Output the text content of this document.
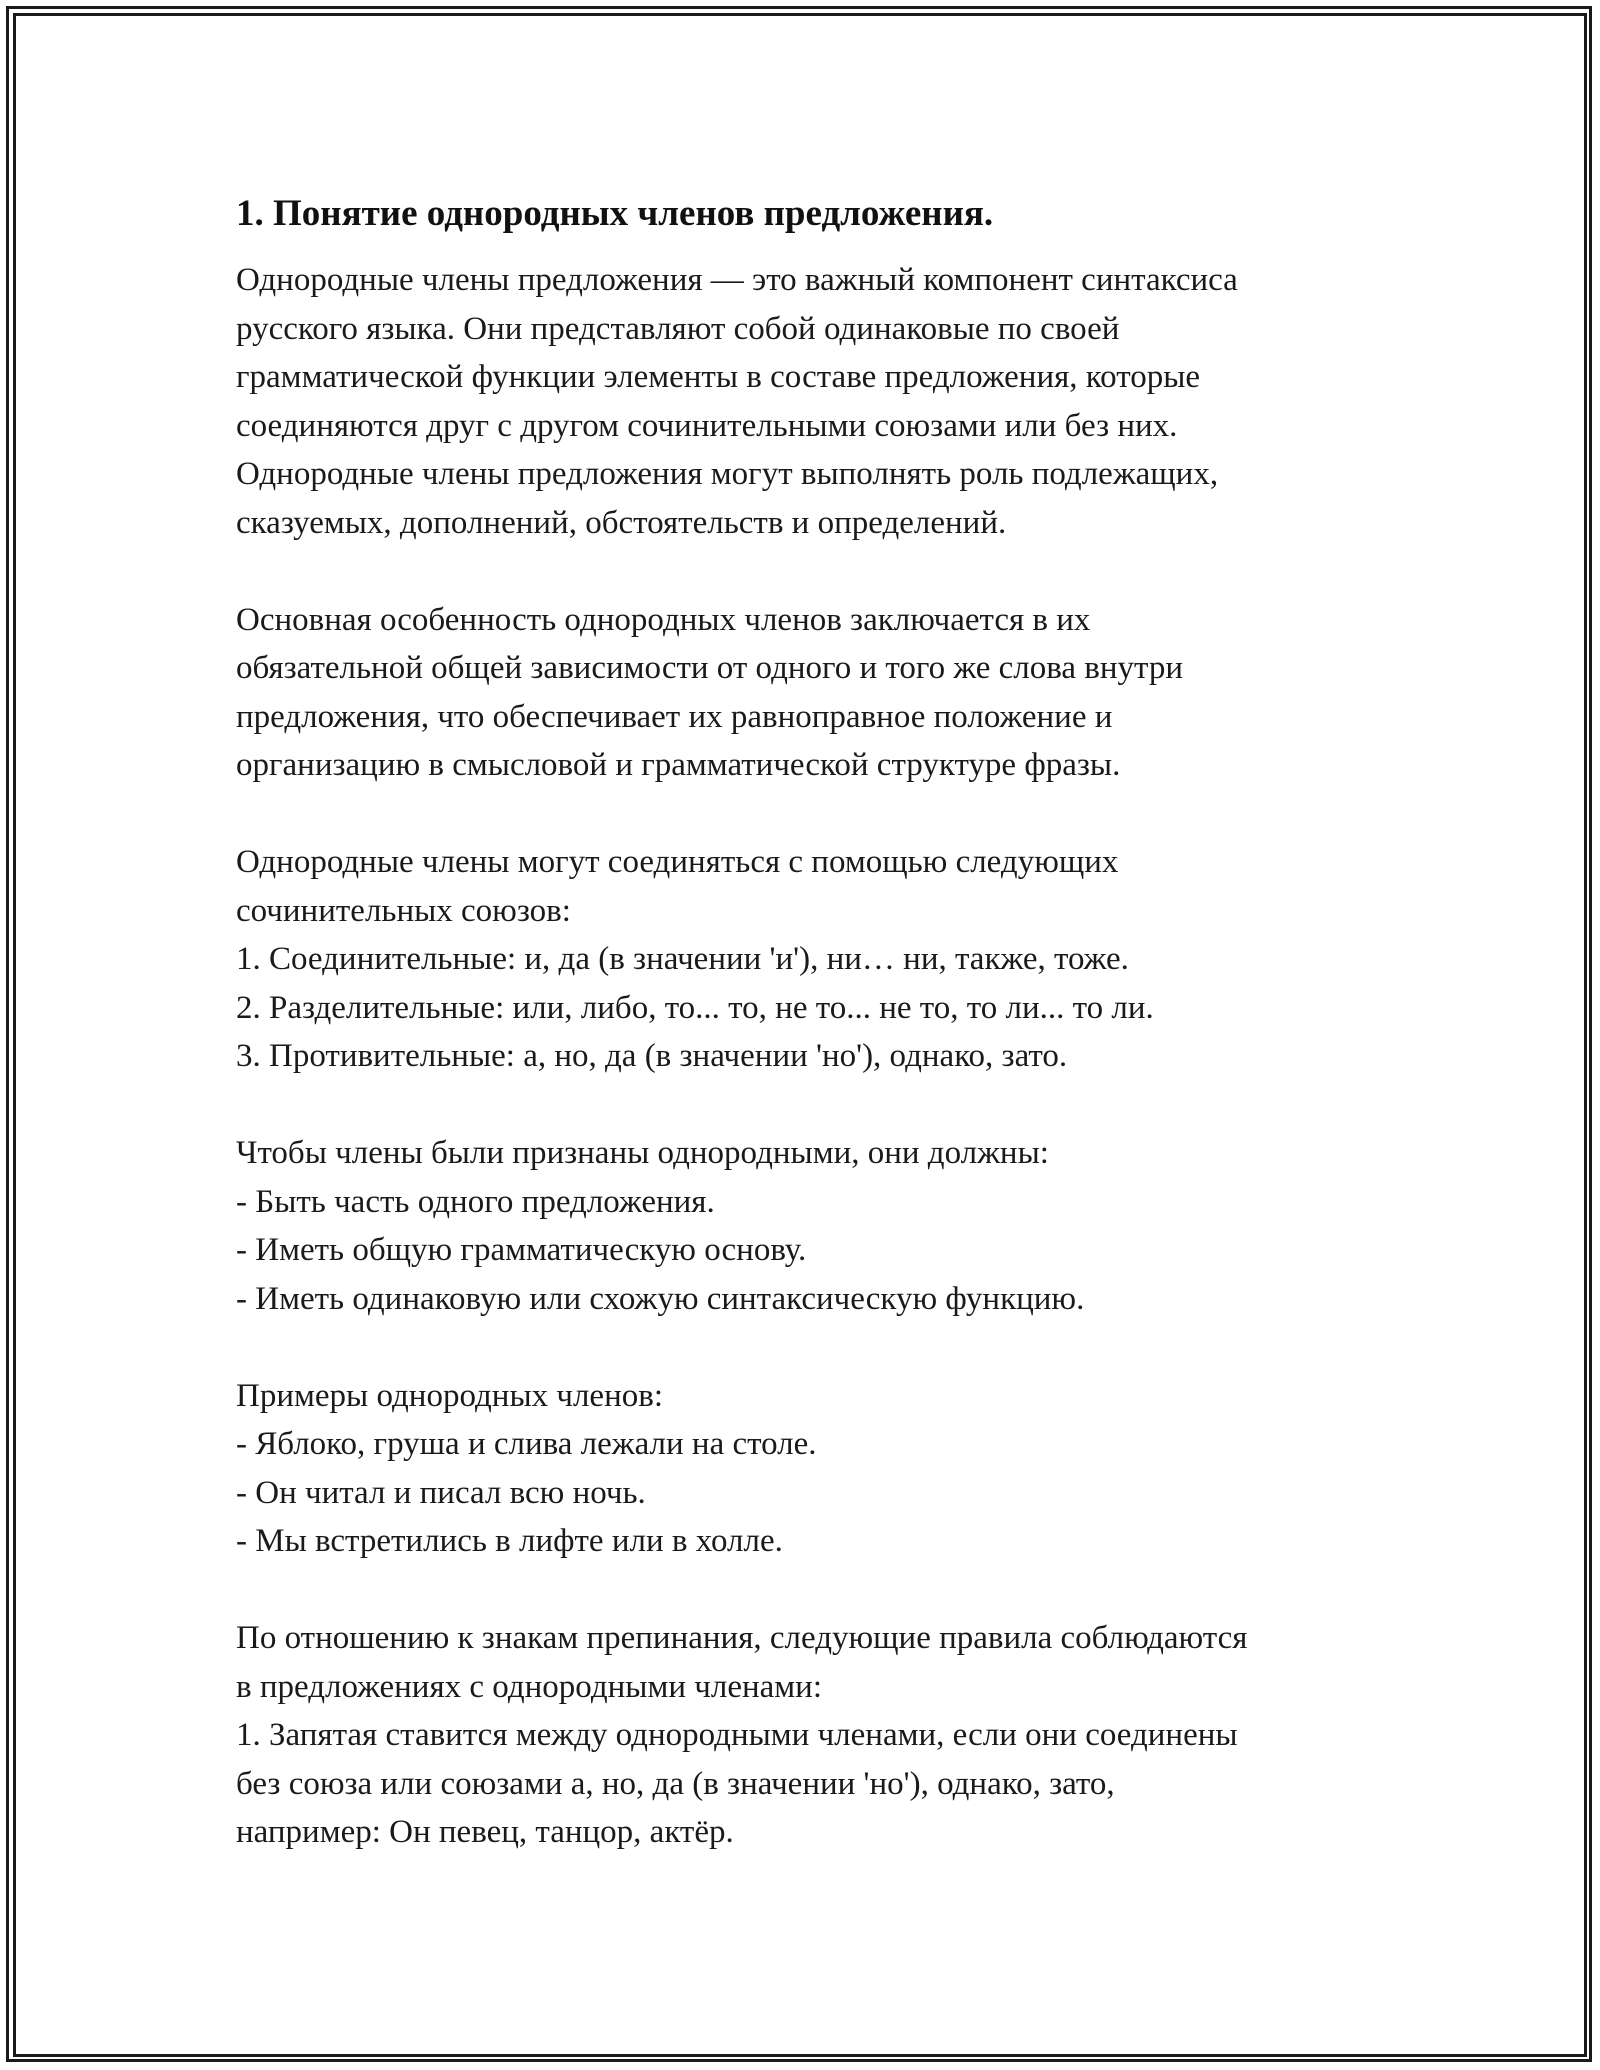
1. Понятие однородных членов предложения.

Однородные члены предложения — это важный компонент синтаксиса
русского языка. Они представляют собой одинаковые по своей
грамматической функции элементы в составе предложения, которые
соединяются друг с другом сочинительными союзами или без них.
Однородные члены предложения могут выполнять роль подлежащих,
сказуемых, дополнений, обстоятельств и определений.

Основная особенность однородных членов заключается в их
обязательной общей зависимости от одного и того же слова внутри
предложения, что обеспечивает их равноправное положение и
организацию в смысловой и грамматической структуре фразы.

Однородные члены могут соединяться с помощью следующих
сочинительных союзов:
1. Соединительные: и, да (в значении 'и'), ни… ни, также, тоже.
2. Разделительные: или, либо, то... то, не то... не то, то ли... то ли.
3. Противительные: а, но, да (в значении 'но'), однако, зато.

Чтобы члены были признаны однородными, они должны:
- Быть часть одного предложения.
- Иметь общую грамматическую основу.
- Иметь одинаковую или схожую синтаксическую функцию.

Примеры однородных членов:
- Яблоко, груша и слива лежали на столе.
- Он читал и писал всю ночь.
- Мы встретились в лифте или в холле.

По отношению к знакам препинания, следующие правила соблюдаются
в предложениях с однородными членами:
1. Запятая ставится между однородными членами, если они соединены
без союза или союзами а, но, да (в значении 'но'), однако, зато,
например: Он певец, танцор, актёр.
